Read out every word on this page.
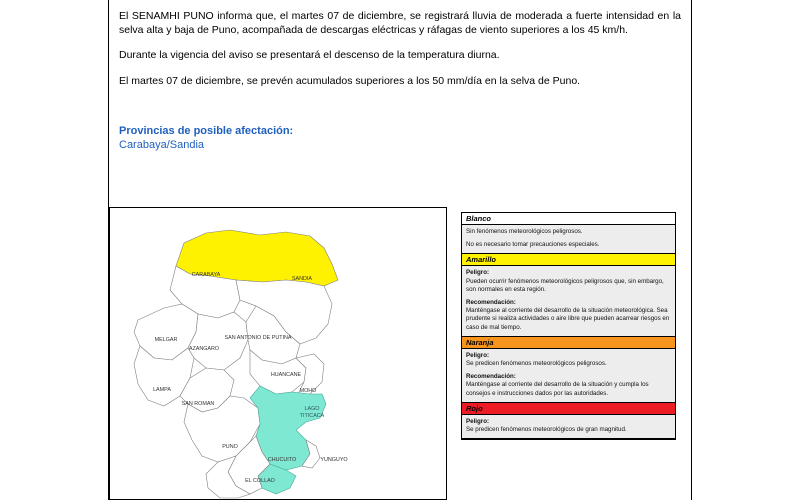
El SENAMHI PUNO informa que, el martes 07 de diciembre, se registrará lluvia de moderada a fuerte intensidad en la selva alta y baja de Puno, acompañada de descargas eléctricas y ráfagas de viento superiores a los 45 km/h.

Durante la vigencia del aviso se presentará el descenso de la temperatura diurna.

El martes 07 de diciembre, se prevén acumulados superiores a los 50 mm/día en la selva de Puno.

Provincias de posible afectación:

Carabaya/Sandia

CARABAYA
SANDIA
MELGAR	SAN ANTONIO DE PUTINA
AZANGARO
HUANCANE
LAMPA	MOHO
SAN ROMAN
LAGO
TITICACA
PUNO
CHUCUITO	YUNGUYO
EL COLLAO
Blanco

Sin fenómenos meteorológicos peligrosos.

No es necesario tomar precauciones especiales.

Amarillo

Peligro:
Pueden ocurrir fenómenos meteorológicos peligrosos que, sin embargo, son normales en esta región.

Recomendación:
Manténgase al corriente del desarrollo de la situación meteorológica. Sea prudente si realiza actividades o aire libre que pueden acarrear riesgos en caso de mal tiempo.

Naranja

Peligro:
Se predicen fenómenos meteorológicos peligrosos.

Recomendación:
Manténgase al corriente del desarrollo de la situación y cumpla los consejos e instrucciones dados por las autoridades.

Rojo

Peligro:
Se predicen fenómenos meteorológicos de gran magnitud.
